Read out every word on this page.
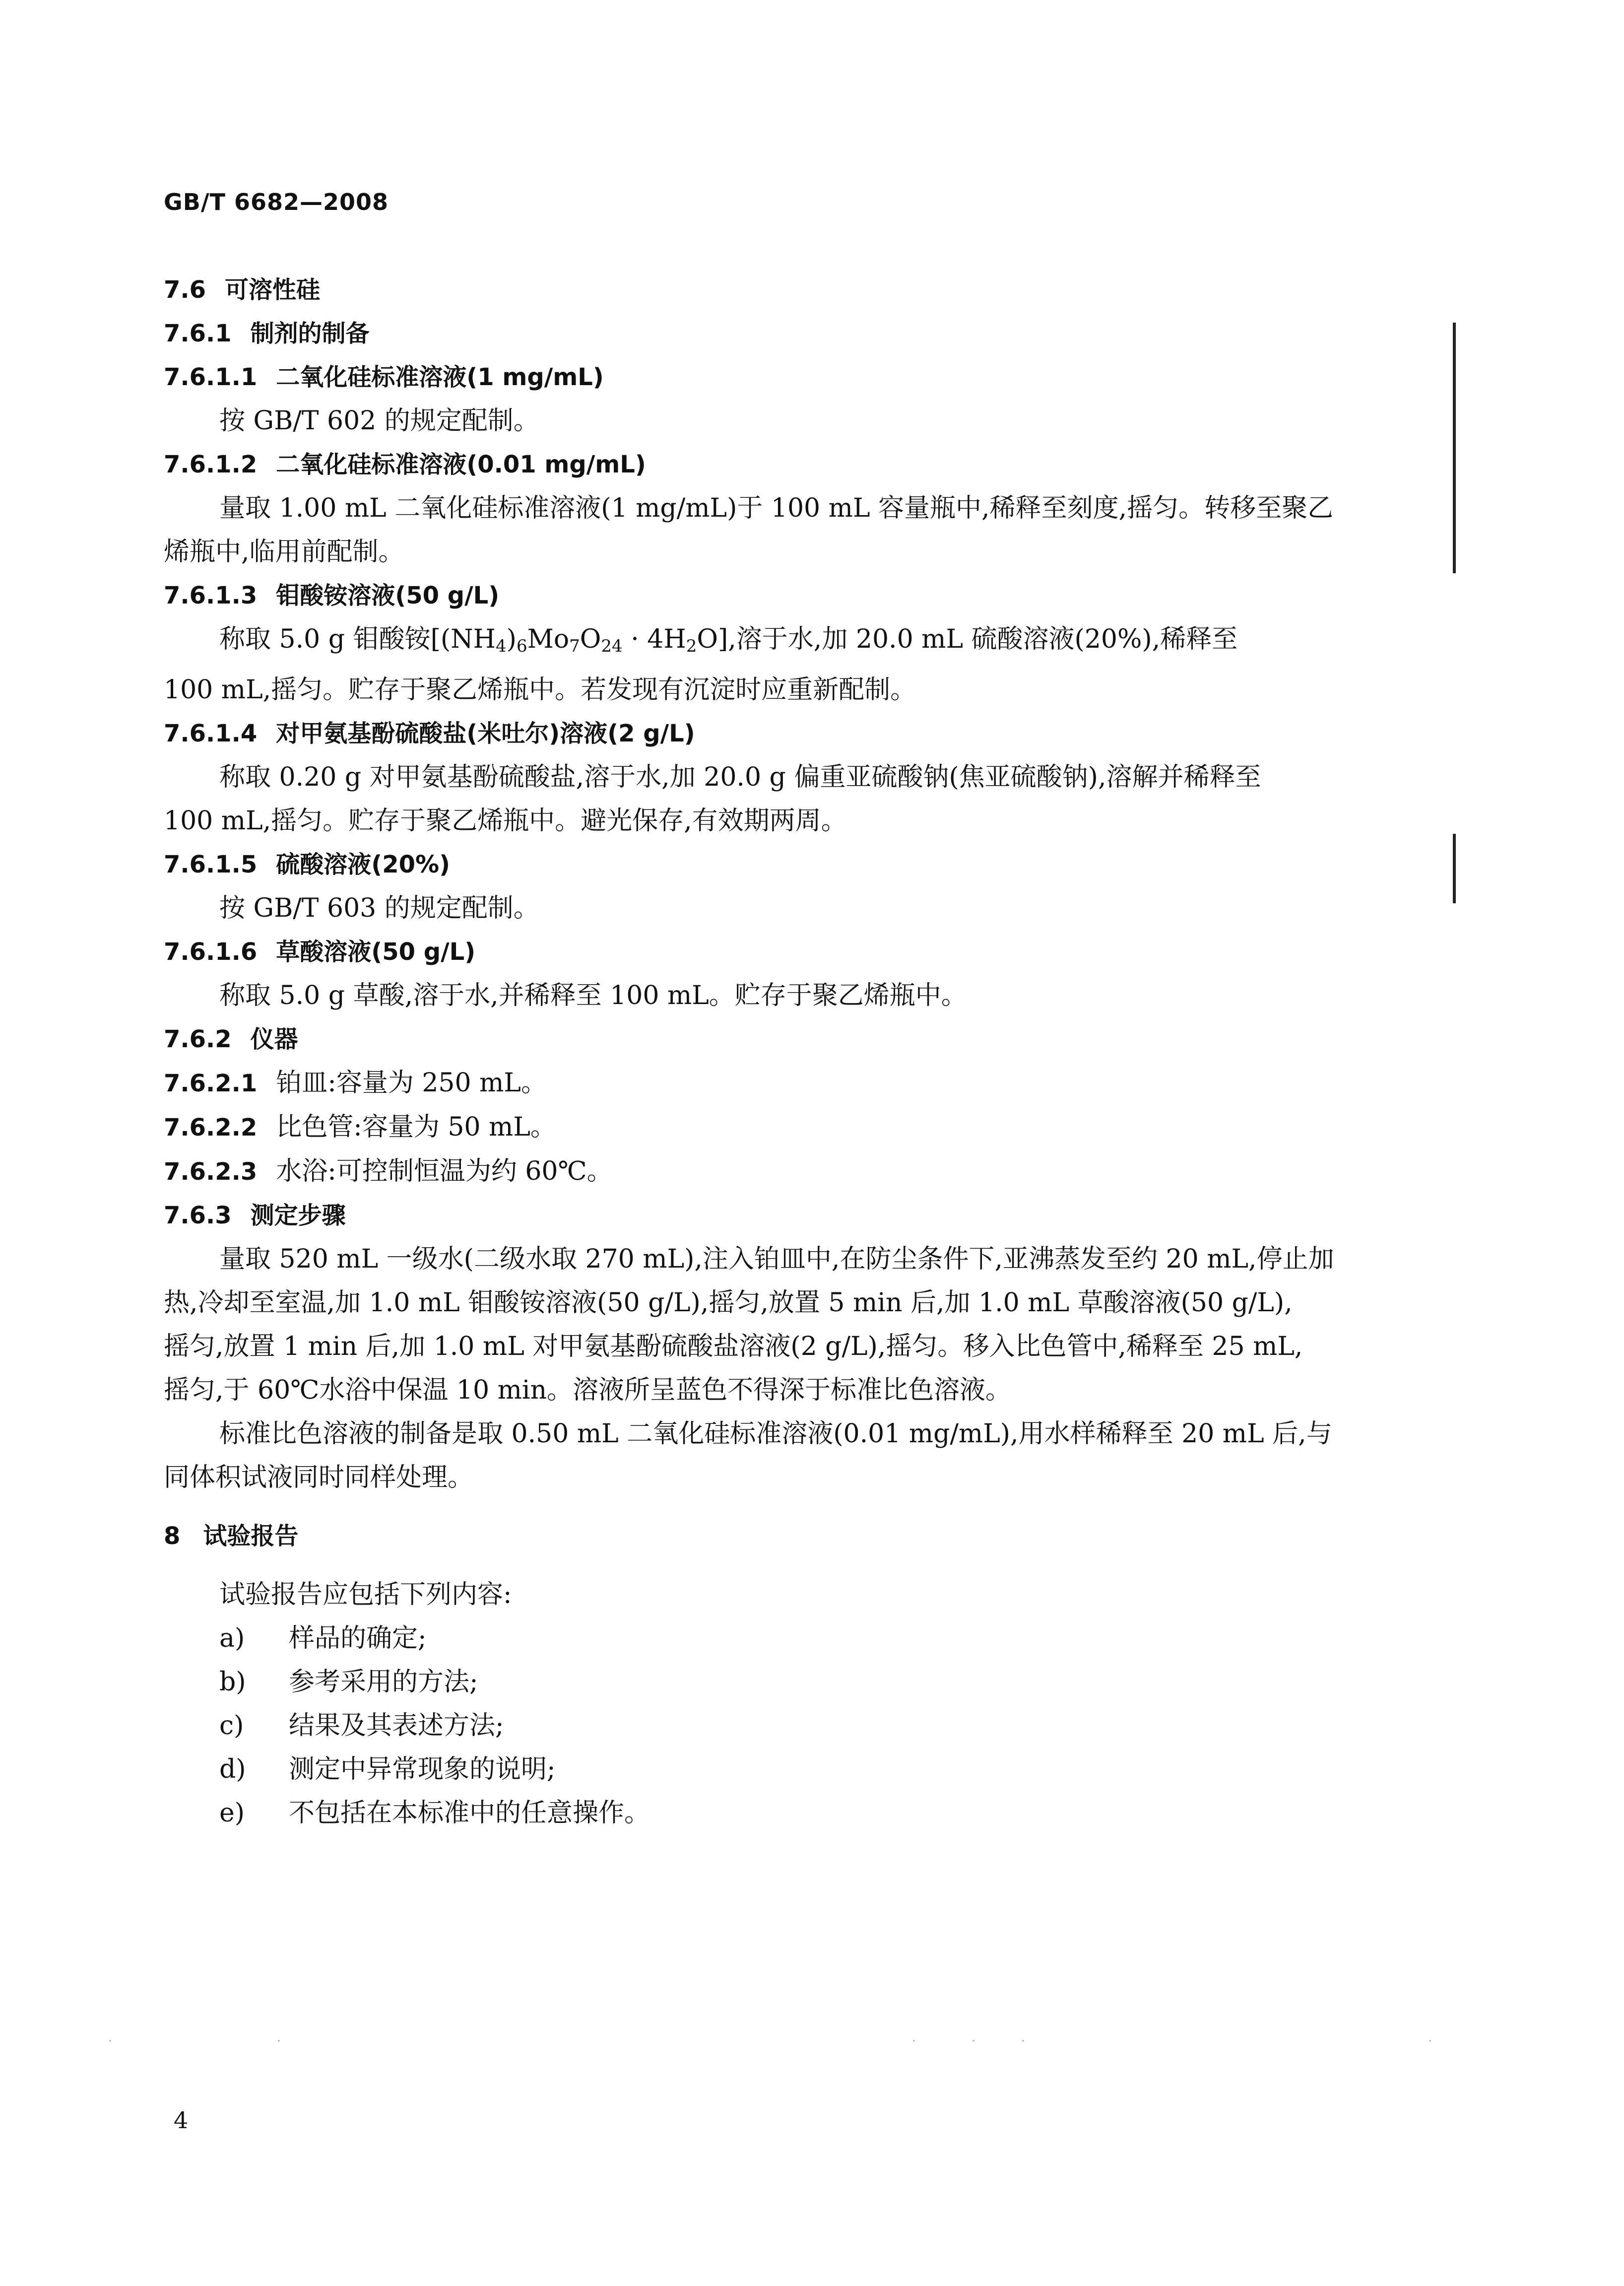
GB/T 6682—2008
7.6 可溶性硅
7.6.1 制剂的制备
7.6.1.1 二氧化硅标准溶液(1 mg/mL)
按 GB/T 602 的规定配制。
7.6.1.2 二氧化硅标准溶液(0.01 mg/mL)
量取 1.00 mL 二氧化硅标准溶液(1 mg/mL)于 100 mL 容量瓶中,稀释至刻度,摇匀。转移至聚乙
烯瓶中,临用前配制。
7.6.1.3 钼酸铵溶液(50 g/L)
称取 5.0 g 钼酸铵$[(NH_4)_6Mo_7O_{24} \cdot 4H_2O]$,溶于水,加 20.0 mL 硫酸溶液(20%),稀释至
100 mL,摇匀。贮存于聚乙烯瓶中。若发现有沉淀时应重新配制。
7.6.1.4 对甲氨基酚硫酸盐(米吐尔)溶液(2 g/L)
称取 0.20 g 对甲氨基酚硫酸盐,溶于水,加 20.0 g 偏重亚硫酸钠(焦亚硫酸钠),溶解并稀释至
100 mL,摇匀。贮存于聚乙烯瓶中。避光保存,有效期两周。
7.6.1.5 硫酸溶液(20%)
按 GB/T 603 的规定配制。
7.6.1.6 草酸溶液(50 g/L)
称取 5.0 g 草酸,溶于水,并稀释至 100 mL。贮存于聚乙烯瓶中。
7.6.2 仪器
7.6.2.1 铂皿:容量为 250 mL。
7.6.2.2 比色管:容量为 50 mL。
7.6.2.3 水浴:可控制恒温为约 60℃。
7.6.3 测定步骤
量取 520 mL 一级水(二级水取 270 mL),注入铂皿中,在防尘条件下,亚沸蒸发至约 20 mL,停止加
热,冷却至室温,加 1.0 mL 钼酸铵溶液(50 g/L),摇匀,放置 5 min 后,加 1.0 mL 草酸溶液(50 g/L),
摇匀,放置 1 min 后,加 1.0 mL 对甲氨基酚硫酸盐溶液(2 g/L),摇匀。移入比色管中,稀释至 25 mL,
摇匀,于 60℃水浴中保温 10 min。溶液所呈蓝色不得深于标准比色溶液。
标准比色溶液的制备是取 0.50 mL 二氧化硅标准溶液(0.01 mg/mL),用水样稀释至 20 mL 后,与
同体积试液同时同样处理。
8 试验报告
试验报告应包括下列内容:
a) 样品的确定;
b) 参考采用的方法;
c) 结果及其表述方法;
d) 测定中异常现象的说明;
e) 不包括在本标准中的任意操作。
4
